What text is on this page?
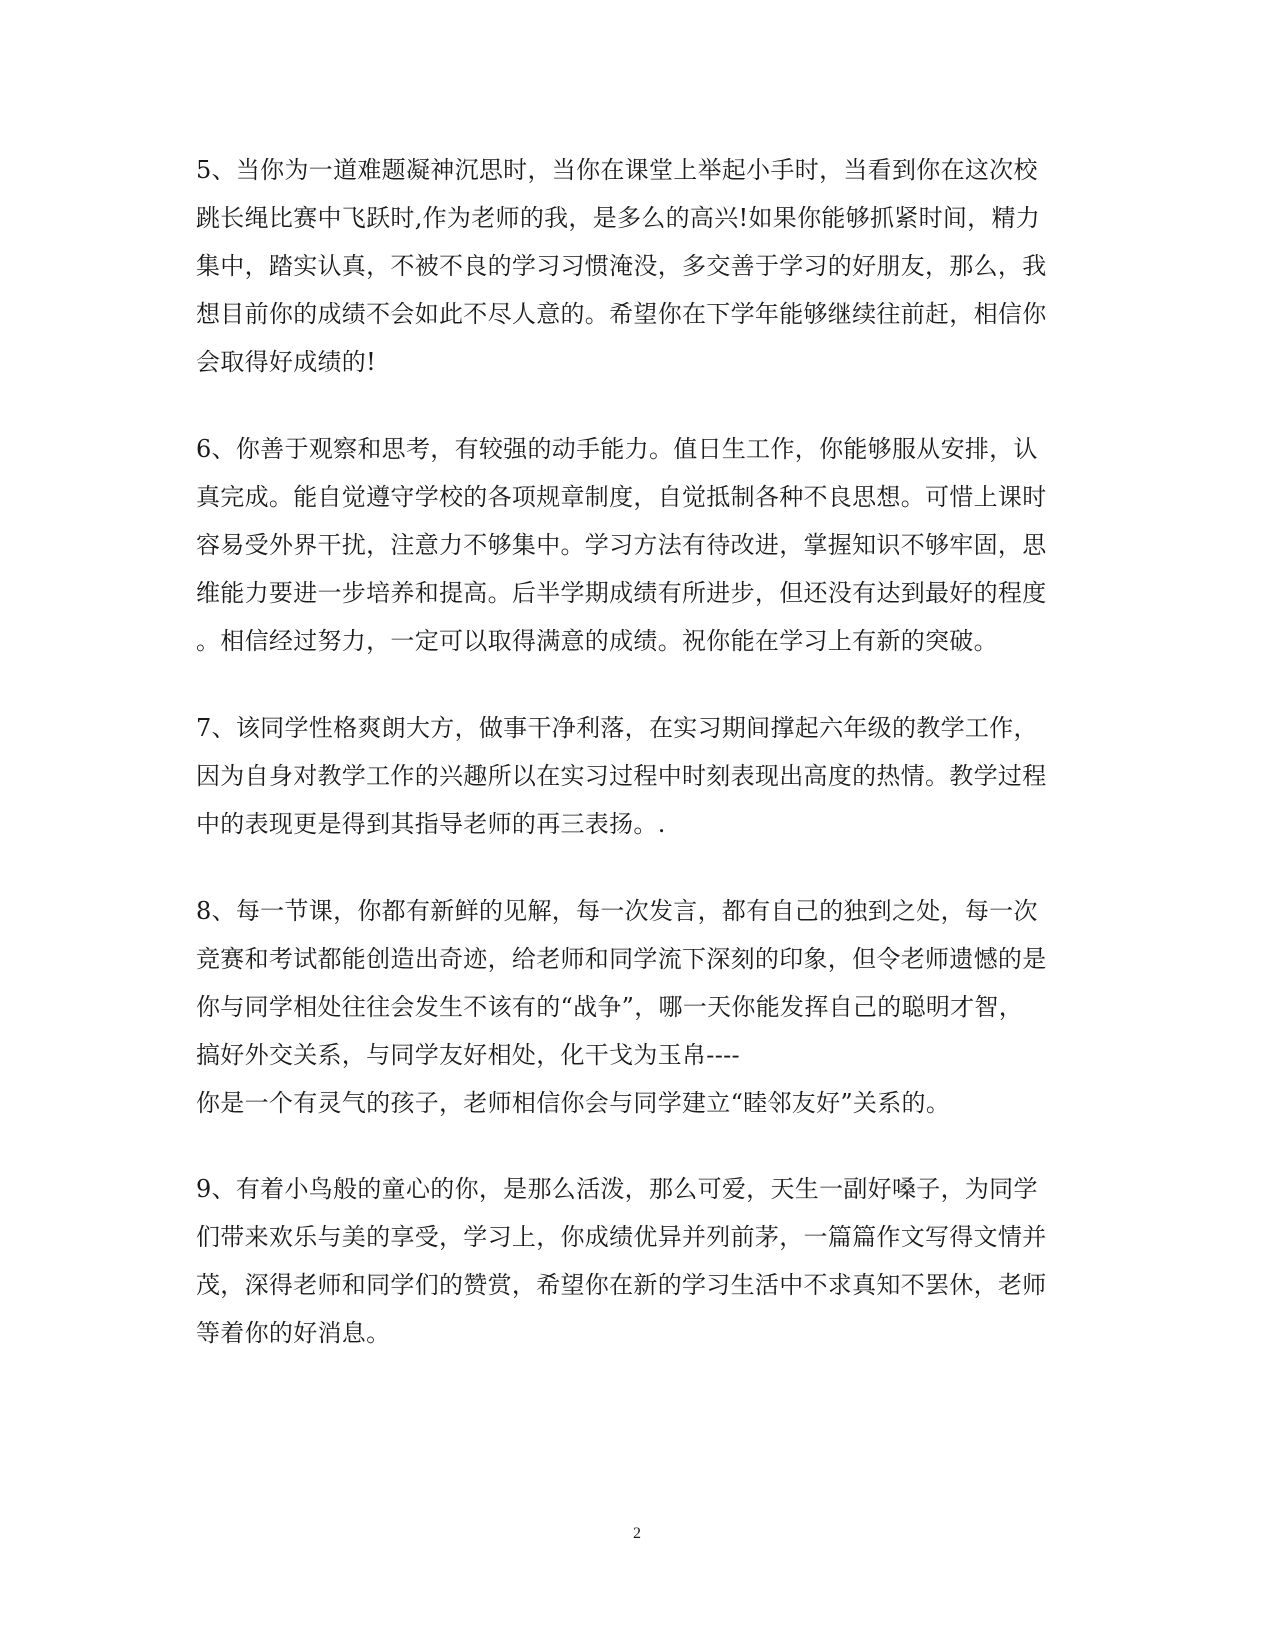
5、当你为一道难题凝神沉思时，当你在课堂上举起小手时，当看到你在这次校
跳长绳比赛中飞跃时,作为老师的我，是多么的高兴!如果你能够抓紧时间，精力
集中，踏实认真，不被不良的学习习惯淹没，多交善于学习的好朋友，那么，我
想目前你的成绩不会如此不尽人意的。希望你在下学年能够继续往前赶，相信你
会取得好成绩的!
6、你善于观察和思考，有较强的动手能力。值日生工作，你能够服从安排，认
真完成。能自觉遵守学校的各项规章制度，自觉抵制各种不良思想。可惜上课时
容易受外界干扰，注意力不够集中。学习方法有待改进，掌握知识不够牢固，思
维能力要进一步培养和提高。后半学期成绩有所进步，但还没有达到最好的程度
。相信经过努力，一定可以取得满意的成绩。祝你能在学习上有新的突破。
7、该同学性格爽朗大方，做事干净利落，在实习期间撑起六年级的教学工作，
因为自身对教学工作的兴趣所以在实习过程中时刻表现出高度的热情。教学过程
中的表现更是得到其指导老师的再三表扬。.
8、每一节课，你都有新鲜的见解，每一次发言，都有自己的独到之处，每一次
竞赛和考试都能创造出奇迹，给老师和同学流下深刻的印象，但令老师遗憾的是
你与同学相处往往会发生不该有的“战争”，哪一天你能发挥自己的聪明才智，
搞好外交关系，与同学友好相处，化干戈为玉帛----
你是一个有灵气的孩子，老师相信你会与同学建立“睦邻友好”关系的。
9、有着小鸟般的童心的你，是那么活泼，那么可爱，天生一副好嗓子，为同学
们带来欢乐与美的享受，学习上，你成绩优异并列前茅，一篇篇作文写得文情并
茂，深得老师和同学们的赞赏，希望你在新的学习生活中不求真知不罢休，老师
等着你的好消息。
2
